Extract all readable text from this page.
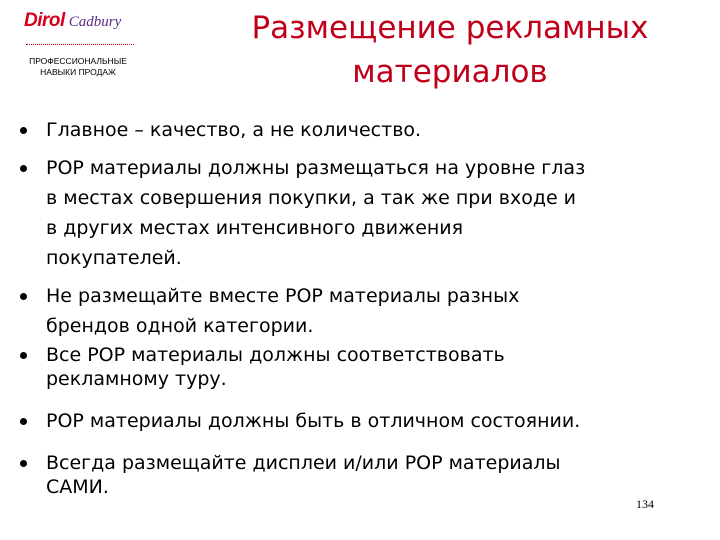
Dirol Cadbury
ПРОФЕССИОНАЛЬНЫЕ
НАВЫКИ ПРОДАЖ
Размещение рекламных
материалов
Главное – качество, а не количество.
POP материалы должны размещаться на уровне глаз
в местах совершения покупки, а так же при входе и
в других местах интенсивного движения
покупателей.
Не размещайте вместе POP материалы разных
брендов одной категории.
Все POP материалы должны соответствовать
рекламному туру.
POP материалы должны быть в отличном состоянии.
Всегда размещайте дисплеи и/или POP материалы
САМИ.
134
